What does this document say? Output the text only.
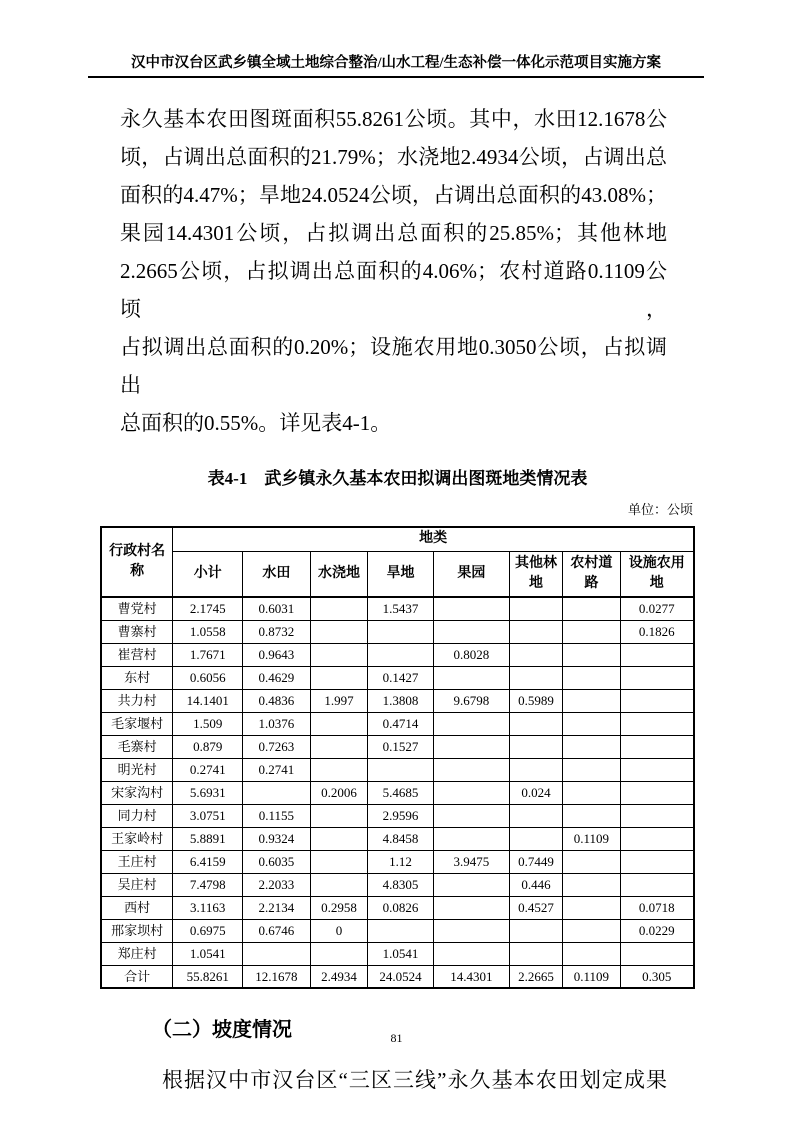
汉中市汉台区武乡镇全域土地综合整治/山水工程/生态补偿一体化示范项目实施方案
永久基本农田图斑面积55.8261公顷。其中，水田12.1678公
顷，占调出总面积的21.79%；水浇地2.4934公顷，占调出总
面积的4.47%；旱地24.0524公顷，占调出总面积的43.08%；
果园14.4301公顷，占拟调出总面积的25.85%；其他林地
2.2665公顷，占拟调出总面积的4.06%；农村道路0.1109公顷，
占拟调出总面积的0.20%；设施农用地0.3050公顷，占拟调出
总面积的0.55%。详见表4-1。
表4-1　武乡镇永久基本农田拟调出图斑地类情况表
单位：公顷
行政村名称	地类							
	小计	水田	水浇地	旱地	果园	其他林地	农村道路	设施农用地
曹党村	2.1745	0.6031		1.5437				0.0277
曹寨村	1.0558	0.8732						0.1826
崔营村	1.7671	0.9643			0.8028			
东村	0.6056	0.4629		0.1427				
共力村	14.1401	0.4836	1.997	1.3808	9.6798	0.5989		
毛家堰村	1.509	1.0376		0.4714				
毛寨村	0.879	0.7263		0.1527				
明光村	0.2741	0.2741						
宋家沟村	5.6931		0.2006	5.4685		0.024		
同力村	3.0751	0.1155		2.9596				
王家岭村	5.8891	0.9324		4.8458			0.1109	
王庄村	6.4159	0.6035		1.12	3.9475	0.7449		
吴庄村	7.4798	2.2033		4.8305		0.446		
西村	3.1163	2.2134	0.2958	0.0826		0.4527		0.0718
邢家坝村	0.6975	0.6746	0					0.0229
郑庄村	1.0541			1.0541				
合计	55.8261	12.1678	2.4934	24.0524	14.4301	2.2665	0.1109	0.305
（二）坡度情况
根据汉中市汉台区“三区三线”永久基本农田划定成果
81
